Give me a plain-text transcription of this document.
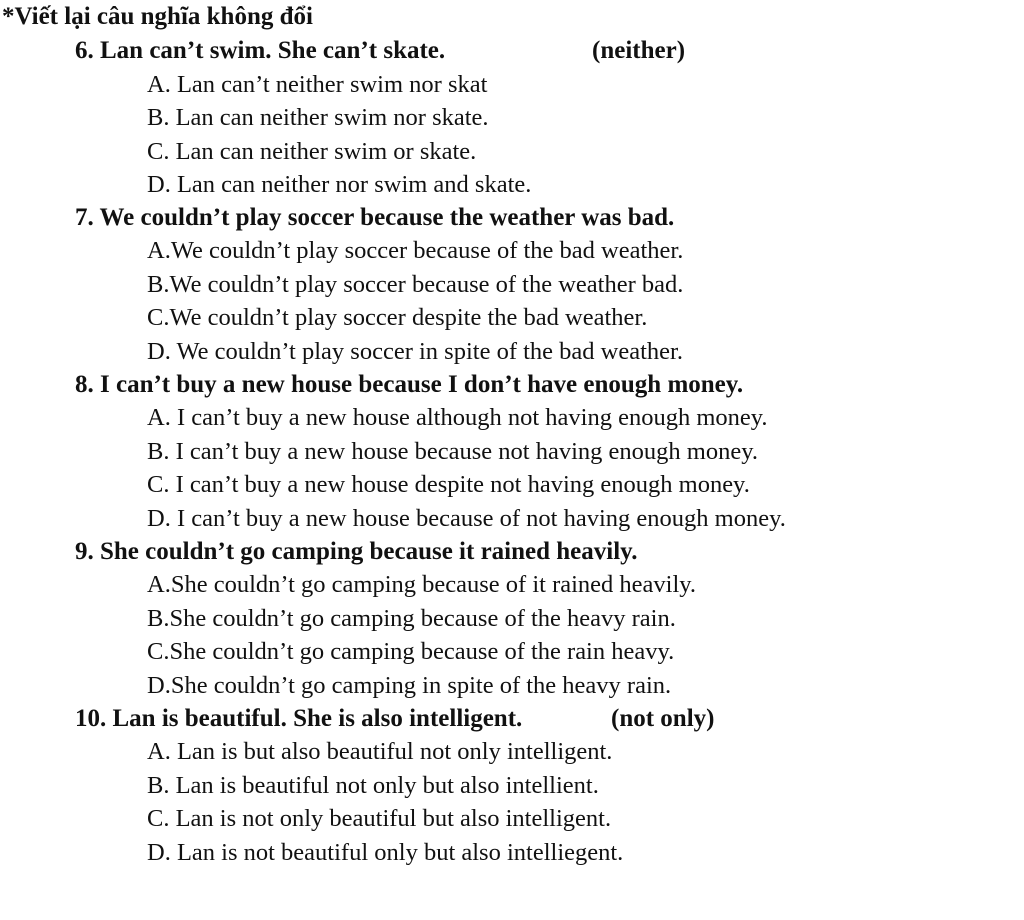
*Viết lại câu nghĩa không đổi
6. Lan can’t swim. She can’t skate.	(neither)
A. Lan can’t neither swim nor skat
B. Lan can neither swim nor skate.
C. Lan can neither swim or skate.
D. Lan can neither nor swim and skate.
7. We couldn’t play soccer because the weather was bad.
A.We couldn’t play soccer because of the bad weather.
B.We couldn’t play soccer because of the weather bad.
C.We couldn’t play soccer despite the bad weather.
D. We couldn’t play soccer in spite of the bad weather.
8. I can’t buy a new house because I don’t have enough money.
A. I can’t buy a new house although not having enough money.
B. I can’t buy a new house because not having enough money.
C. I can’t buy a new house despite not having enough money.
D. I can’t buy a new house because of not having enough money.
9. She couldn’t go camping because it rained heavily.
A.She couldn’t go camping because of it rained heavily.
B.She couldn’t go camping because of the heavy rain.
C.She couldn’t go camping because of the rain heavy.
D.She couldn’t go camping in spite of the heavy rain.
10. Lan is beautiful. She is also intelligent.	(not only)
A. Lan is but also beautiful not only intelligent.
B. Lan is beautiful not only but also intellient.
C. Lan is not only beautiful but also intelligent.
D. Lan is not beautiful only but also intelliegent.
